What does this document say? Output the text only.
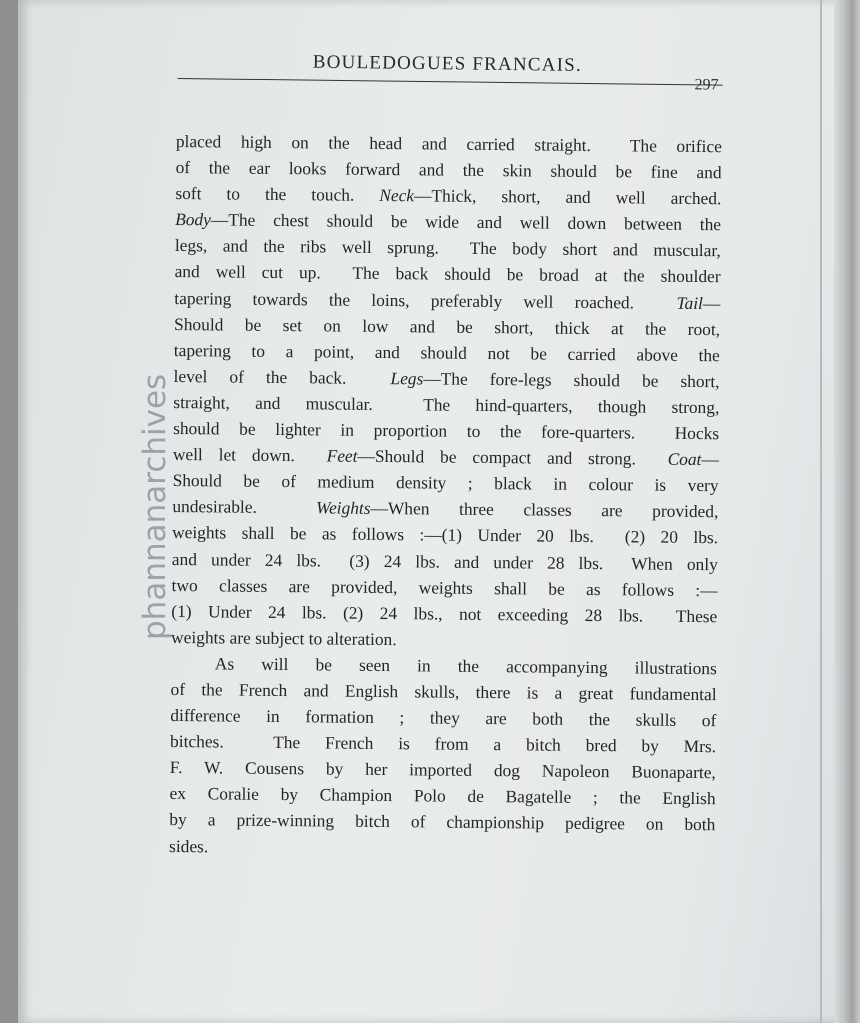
BOULEDOGUES FRANCAIS.
297
placed high on the head and carried straight.  The orifice
of the ear looks forward and the skin should be fine and
soft to the touch. Neck—Thick, short, and well arched.
Body—The chest should be wide and well down between the
legs, and the ribs well sprung.  The body short and muscular,
and well cut up.  The back should be broad at the shoulder
tapering towards the loins, preferably well roached.  Tail—
Should be set on low and be short, thick at the root,
tapering to a point, and should not be carried above the
level of the back.  Legs—The fore-legs should be short,
straight, and muscular.  The hind-quarters, though strong,
should be lighter in proportion to the fore-quarters.  Hocks
well let down.  Feet—Should be compact and strong.  Coat—
Should be of medium density ; black in colour is very
undesirable.  Weights—When three classes are provided,
weights shall be as follows :—(1) Under 20 lbs.  (2) 20 lbs.
and under 24 lbs.  (3) 24 lbs. and under 28 lbs.  When only
two classes are provided, weights shall be as follows :—
(1) Under 24 lbs. (2) 24 lbs., not exceeding 28 lbs.  These
weights are subject to alteration.
As will be seen in the accompanying illustrations
of the French and English skulls, there is a great fundamental
difference in formation ; they are both the skulls of
bitches.  The French is from a bitch bred by Mrs.
F. W. Cousens by her imported dog Napoleon Buonaparte,
ex Coralie by Champion Polo de Bagatelle ; the English
by a prize-winning bitch of championship pedigree on both
sides.
phannanarchives
